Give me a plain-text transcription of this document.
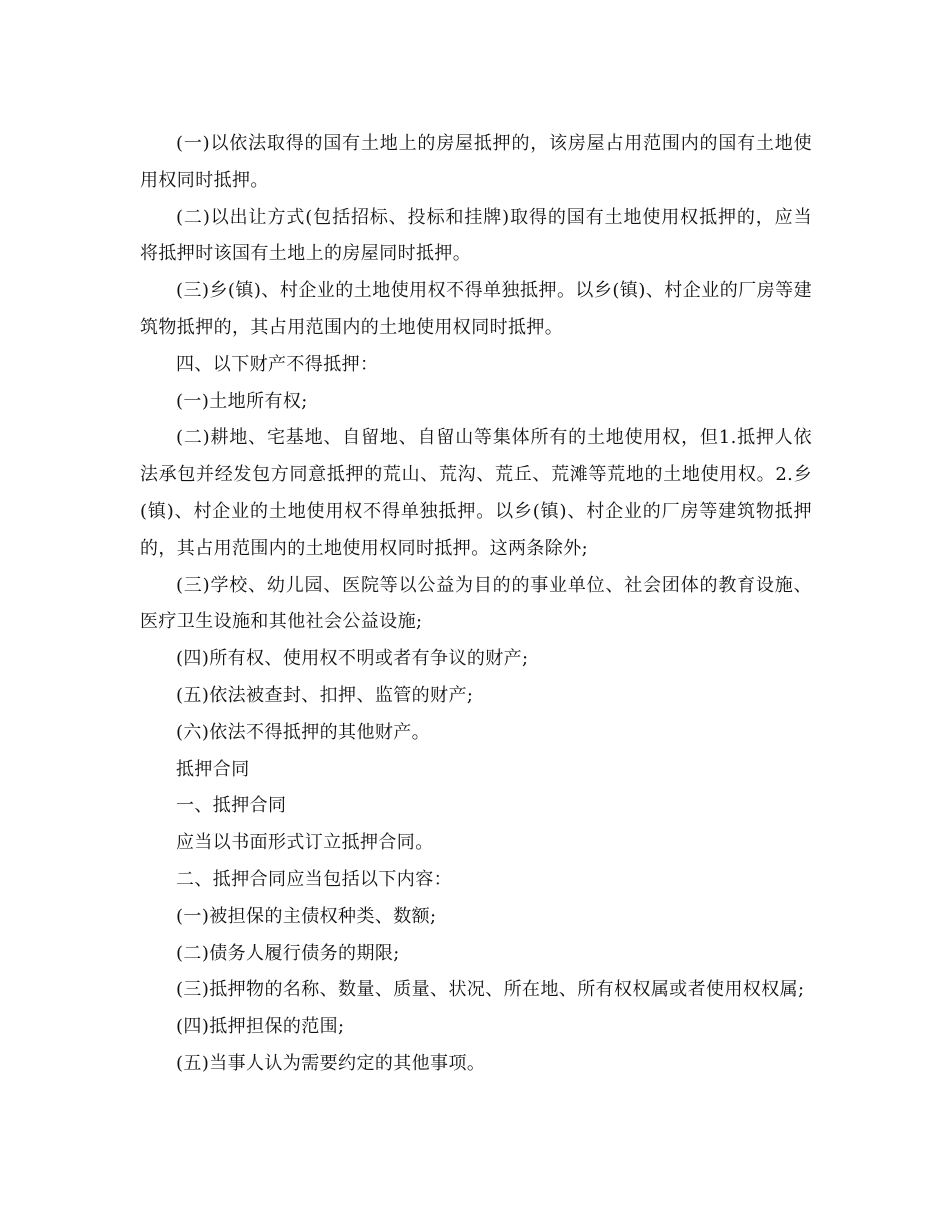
(一)以依法取得的国有土地上的房屋抵押的，该房屋占用范围内的国有土地使用权同时抵押。

(二)以出让方式(包括招标、投标和挂牌)取得的国有土地使用权抵押的，应当将抵押时该国有土地上的房屋同时抵押。

(三)乡(镇)、村企业的土地使用权不得单独抵押。以乡(镇)、村企业的厂房等建筑物抵押的，其占用范围内的土地使用权同时抵押。

四、以下财产不得抵押：

(一)土地所有权;

(二)耕地、宅基地、自留地、自留山等集体所有的土地使用权，但1.抵押人依法承包并经发包方同意抵押的荒山、荒沟、荒丘、荒滩等荒地的土地使用权。2.乡(镇)、村企业的土地使用权不得单独抵押。以乡(镇)、村企业的厂房等建筑物抵押的，其占用范围内的土地使用权同时抵押。这两条除外;

(三)学校、幼儿园、医院等以公益为目的的事业单位、社会团体的教育设施、医疗卫生设施和其他社会公益设施;

(四)所有权、使用权不明或者有争议的财产;

(五)依法被查封、扣押、监管的财产;

(六)依法不得抵押的其他财产。

抵押合同

一、抵押合同

应当以书面形式订立抵押合同。

二、抵押合同应当包括以下内容：

(一)被担保的主债权种类、数额;

(二)债务人履行债务的期限;

(三)抵押物的名称、数量、质量、状况、所在地、所有权权属或者使用权权属;

(四)抵押担保的范围;

(五)当事人认为需要约定的其他事项。
